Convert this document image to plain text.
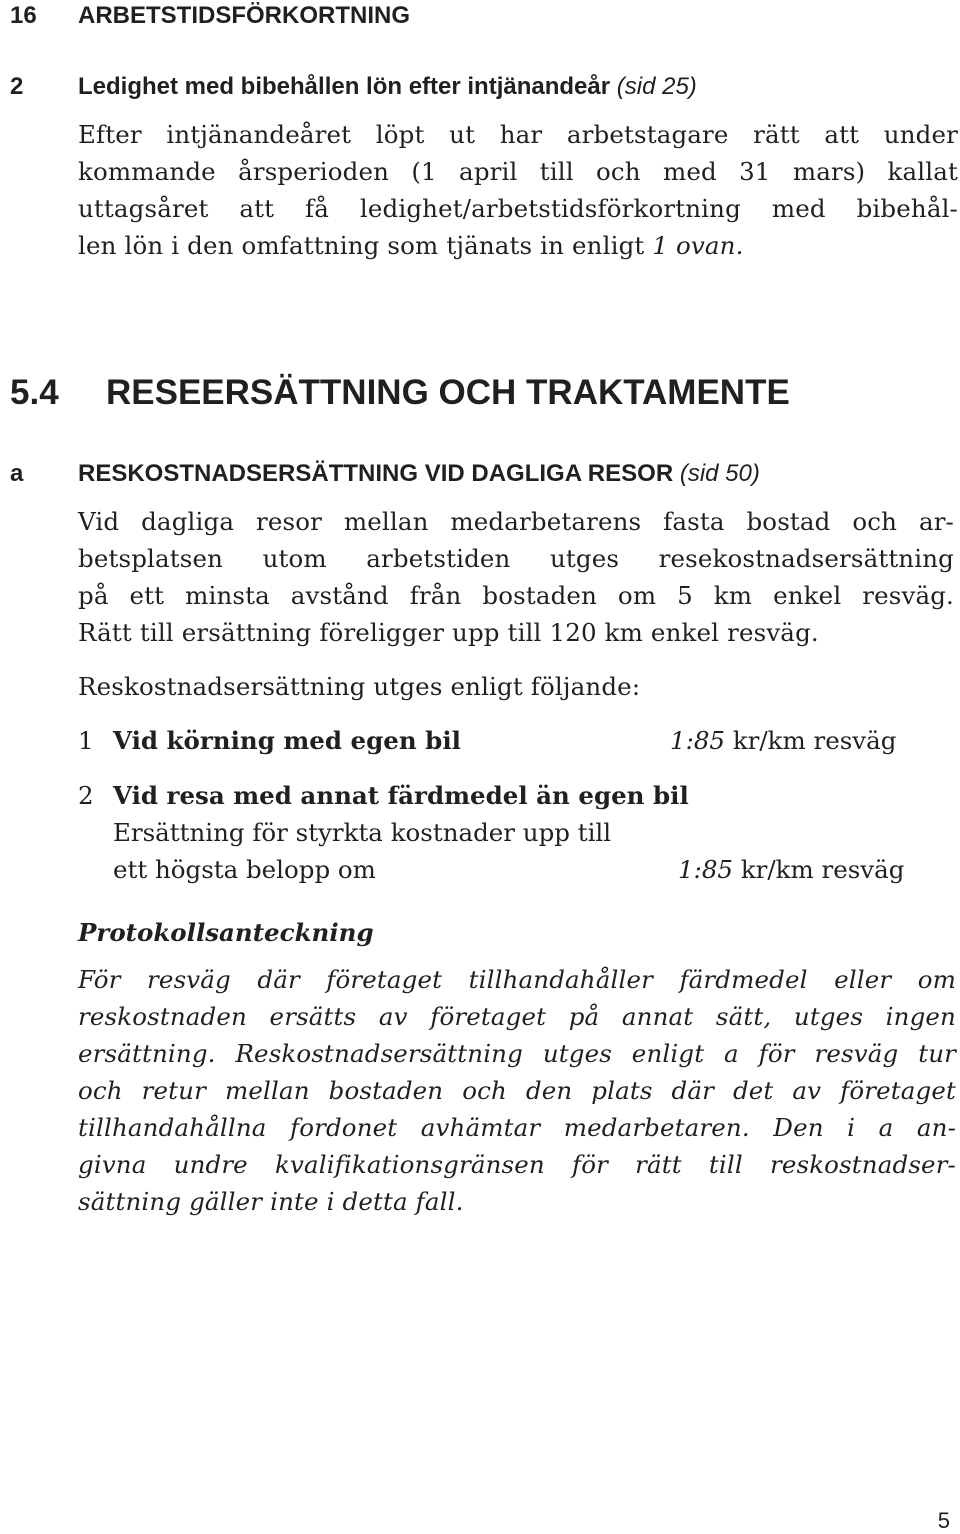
16 ARBETSTIDSFÖRKORTNING
2 Ledighet med bibehållen lön efter intjänandeår (sid 25)
Efter intjänandeåret löpt ut har arbetstagare rätt att under
kommande årsperioden (1 april till och med 31 mars) kallat
uttagsåret att få ledighet/arbetstidsförkortning med bibehål-
len lön i den omfattning som tjänats in enligt 1 ovan.
5.4 RESEERSÄTTNING OCH TRAKTAMENTE
a RESKOSTNADSERSÄTTNING VID DAGLIGA RESOR (sid 50)
Vid dagliga resor mellan medarbetarens fasta bostad och ar-
betsplatsen utom arbetstiden utges resekostnadsersättning
på ett minsta avstånd från bostaden om 5 km enkel resväg.
Rätt till ersättning föreligger upp till 120 km enkel resväg.
Reskostnadsersättning utges enligt följande:
1 Vid körning med egen bil	1:85 kr/km resväg
2 Vid resa med annat färdmedel än egen bil
Ersättning för styrkta kostnader upp till
ett högsta belopp om	1:85 kr/km resväg
Protokollsanteckning
För resväg där företaget tillhandahåller färdmedel eller om
reskostnaden ersätts av företaget på annat sätt, utges ingen
ersättning. Reskostnadsersättning utges enligt a för resväg tur
och retur mellan bostaden och den plats där det av företaget
tillhandahållna fordonet avhämtar medarbetaren. Den i a an-
givna undre kvalifikationsgränsen för rätt till reskostnadser-
sättning gäller inte i detta fall.
5
